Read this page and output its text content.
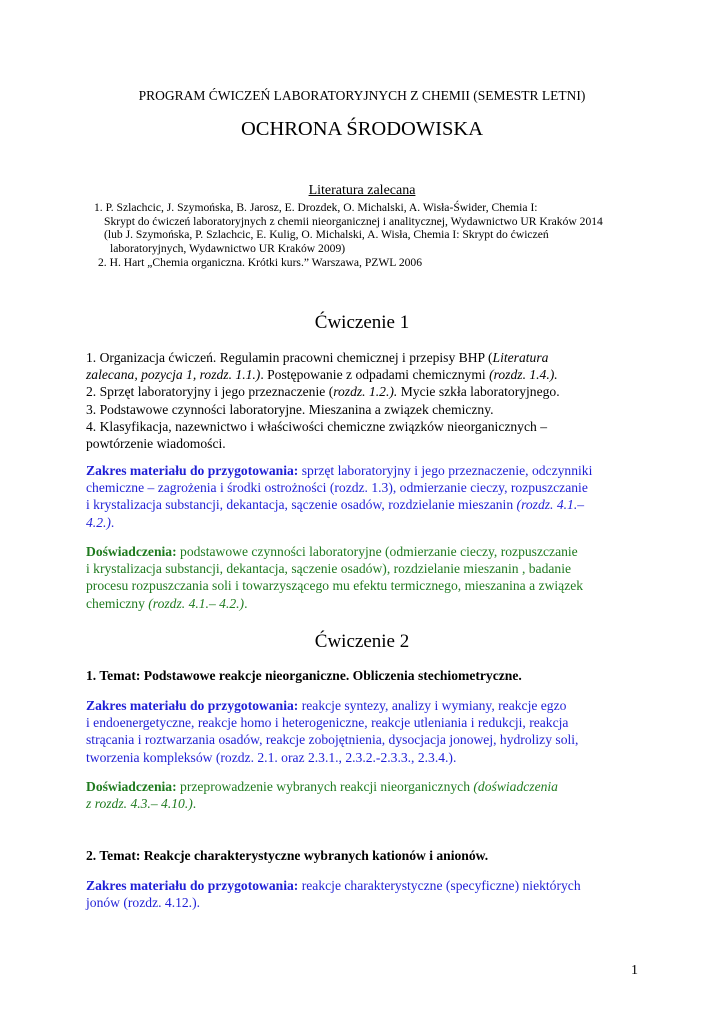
PROGRAM ĆWICZEŃ LABORATORYJNYCH Z CHEMII (SEMESTR LETNI)
OCHRONA ŚRODOWISKA
Literatura zalecana
1. P. Szlachcic, J. Szymońska, B. Jarosz, E. Drozdek, O. Michalski, A. Wisła-Świder, Chemia I:
Skrypt do ćwiczeń laboratoryjnych z chemii nieorganicznej i analitycznej, Wydawnictwo UR Kraków 2014
(lub J. Szymońska, P. Szlachcic, E. Kulig, O. Michalski, A. Wisła, Chemia I: Skrypt do ćwiczeń
laboratoryjnych, Wydawnictwo UR Kraków 2009)
2. H. Hart „Chemia organiczna. Krótki kurs.” Warszawa, PZWL 2006
Ćwiczenie 1
1. Organizacja ćwiczeń. Regulamin pracowni chemicznej i przepisy BHP (Literatura
zalecana, pozycja 1, rozdz. 1.1.). Postępowanie z odpadami chemicznymi (rozdz. 1.4.).
2. Sprzęt laboratoryjny i jego przeznaczenie (rozdz. 1.2.). Mycie szkła laboratoryjnego.
3. Podstawowe czynności laboratoryjne. Mieszanina a związek chemiczny.
4. Klasyfikacja, nazewnictwo i właściwości chemiczne związków nieorganicznych –
powtórzenie wiadomości.
Zakres materiału do przygotowania: sprzęt laboratoryjny i jego przeznaczenie, odczynniki
chemiczne – zagrożenia i środki ostrożności (rozdz. 1.3), odmierzanie cieczy, rozpuszczanie
i krystalizacja substancji, dekantacja, sączenie osadów, rozdzielanie mieszanin (rozdz. 4.1.–
4.2.).
Doświadczenia: podstawowe czynności laboratoryjne (odmierzanie cieczy, rozpuszczanie
i krystalizacja substancji, dekantacja, sączenie osadów), rozdzielanie mieszanin , badanie
procesu rozpuszczania soli i towarzyszącego mu efektu termicznego, mieszanina a związek
chemiczny (rozdz. 4.1.– 4.2.).
Ćwiczenie 2
1. Temat: Podstawowe reakcje nieorganiczne. Obliczenia stechiometryczne.
Zakres materiału do przygotowania: reakcje syntezy, analizy i wymiany, reakcje egzo
i endoenergetyczne, reakcje homo i heterogeniczne, reakcje utleniania i redukcji, reakcja
strącania i roztwarzania osadów, reakcje zobojętnienia, dysocjacja jonowej, hydrolizy soli,
tworzenia kompleksów (rozdz. 2.1. oraz 2.3.1., 2.3.2.-2.3.3., 2.3.4.).
Doświadczenia: przeprowadzenie wybranych reakcji nieorganicznych (doświadczenia
z rozdz. 4.3.– 4.10.).
2. Temat: Reakcje charakterystyczne wybranych kationów i anionów.
Zakres materiału do przygotowania: reakcje charakterystyczne (specyficzne) niektórych
jonów (rozdz. 4.12.).
1
